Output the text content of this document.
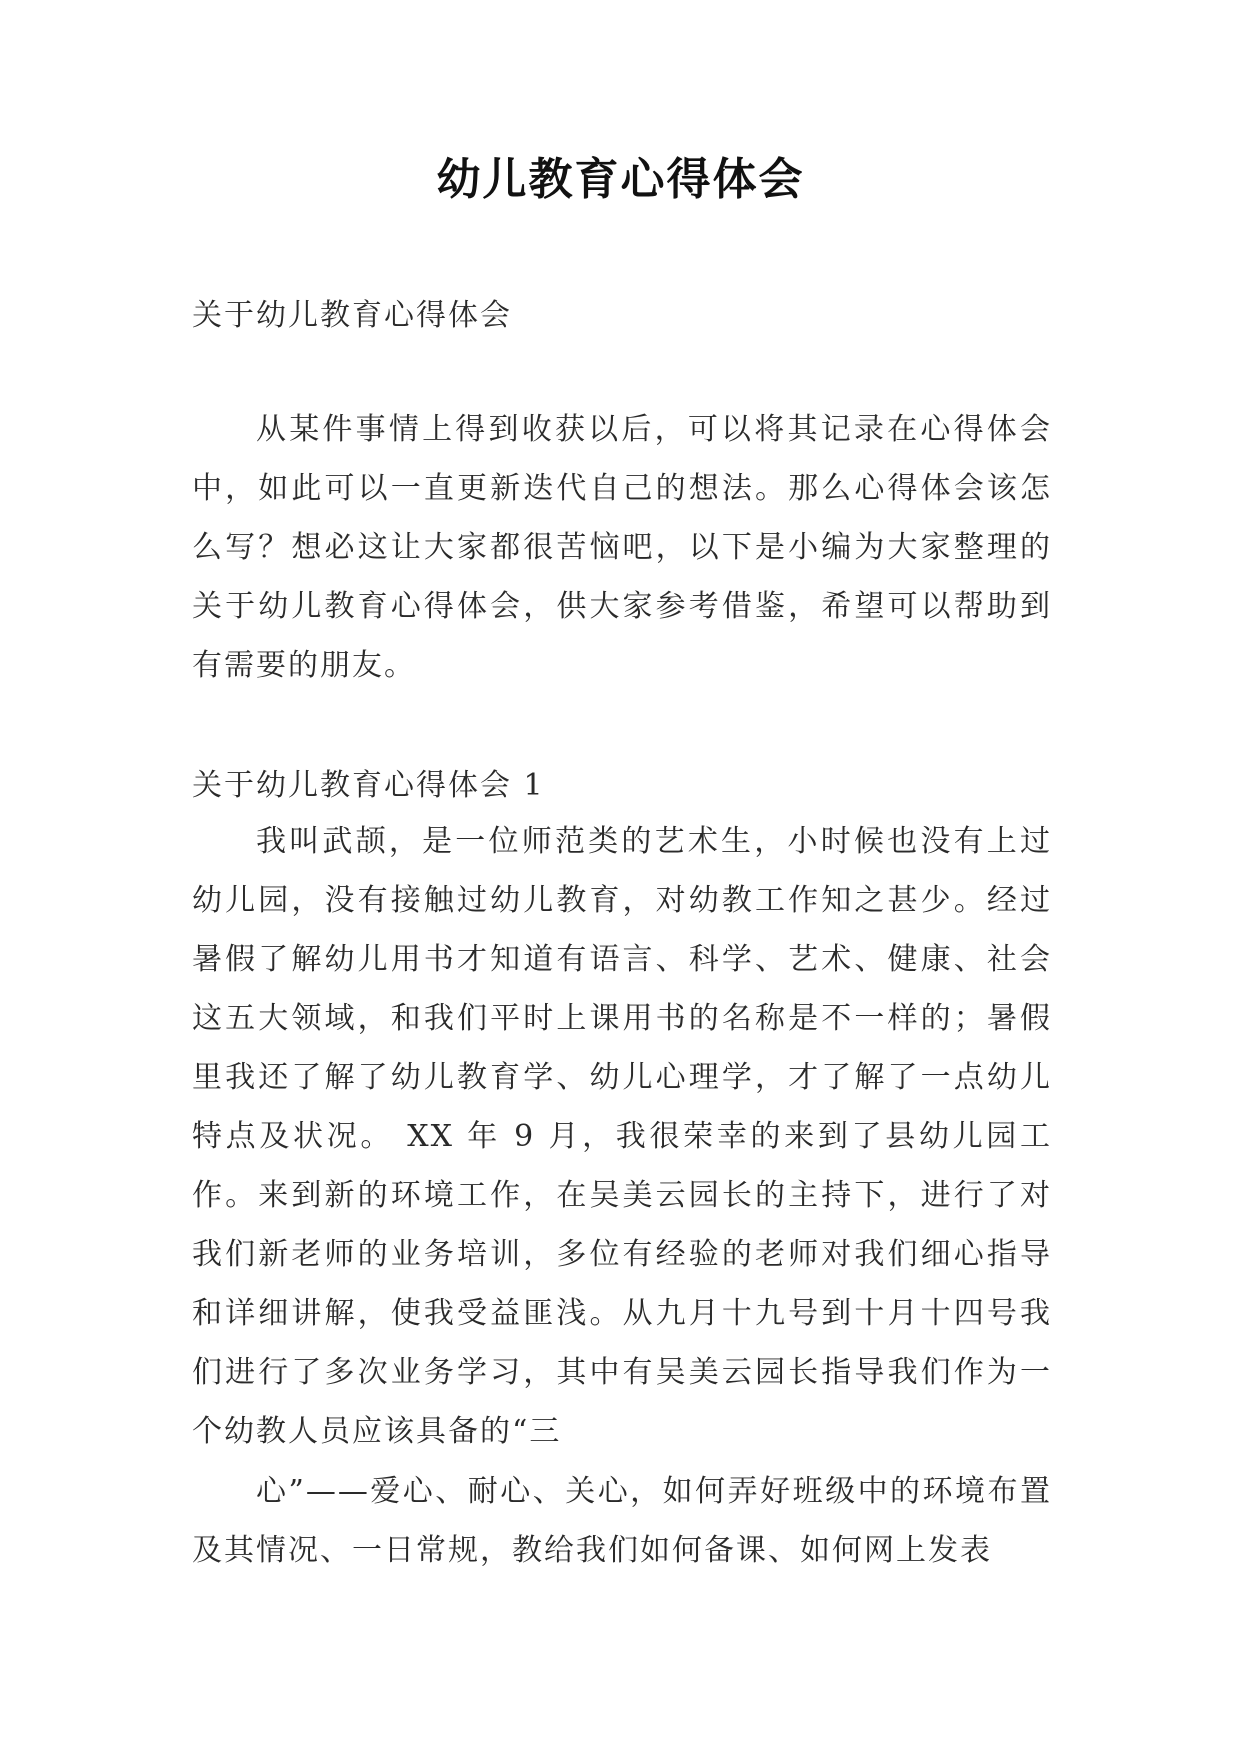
幼儿教育心得体会
关于幼儿教育心得体会
从某件事情上得到收获以后，可以将其记录在心得体会中，如此可以一直更新迭代自己的想法。那么心得体会该怎么写？想必这让大家都很苦恼吧，以下是小编为大家整理的关于幼儿教育心得体会，供大家参考借鉴，希望可以帮助到有需要的朋友。
关于幼儿教育心得体会 1
我叫武颉，是一位师范类的艺术生，小时候也没有上过幼儿园，没有接触过幼儿教育，对幼教工作知之甚少。经过暑假了解幼儿用书才知道有语言、科学、艺术、健康、社会这五大领域，和我们平时上课用书的名称是不一样的；暑假里我还了解了幼儿教育学、幼儿心理学，才了解了一点幼儿特点及状况。 XX 年 9 月，我很荣幸的来到了县幼儿园工作。来到新的环境工作，在吴美云园长的主持下，进行了对我们新老师的业务培训，多位有经验的老师对我们细心指导和详细讲解，使我受益匪浅。从九月十九号到十月十四号我们进行了多次业务学习，其中有吴美云园长指导我们作为一个幼教人员应该具备的“三
心”——爱心、耐心、关心，如何弄好班级中的环境布置及其情况、一日常规，教给我们如何备课、如何网上发表
